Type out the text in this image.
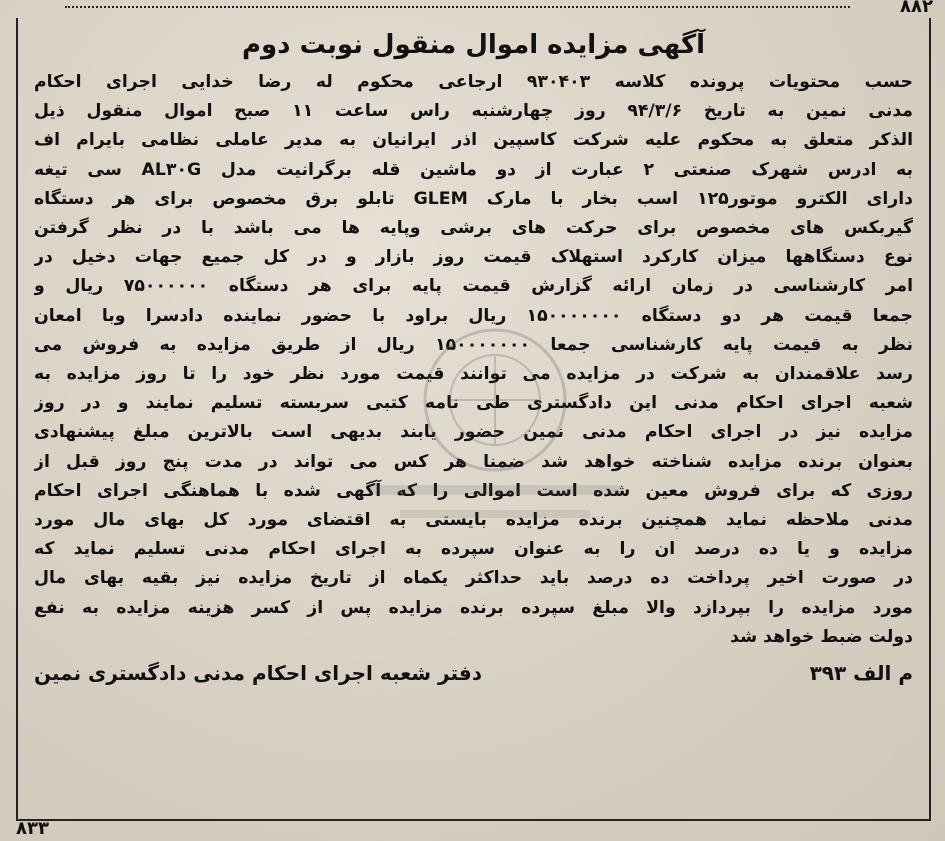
۸۸۲
آگهی مزایده اموال منقول نوبت دوم
حسب محتویات پرونده کلاسه ۹۳۰۴۰۳ ارجاعی محکوم له رضا خدایی اجرای احکام
مدنی نمین به تاریخ ۹۴/۳/۶ روز چهارشنبه راس ساعت ۱۱ صبح اموال منقول ذیل
الذکر متعلق به محکوم علیه شرکت کاسپین اذر ایرانیان به مدیر عاملی نظامی بایرام اف
به ادرس شهرک صنعتی ۲ عبارت از دو ماشین قله برگرانیت مدل AL۳۰G سی تیغه
دارای الکترو موتور۱۲۵ اسب بخار با مارک GLEM تابلو برق مخصوص برای هر دستگاه
گیربکس های مخصوص برای حرکت های برشی وپایه ها می باشد با در نظر گرفتن
نوع دستگاهها میزان کارکرد استهلاک قیمت روز بازار و در کل جمیع جهات دخیل در
امر کارشناسی در زمان ارائه گزارش قیمت پایه برای هر دستگاه ۷۵۰۰۰۰۰۰ ریال و
جمعا قیمت هر دو دستگاه ۱۵۰۰۰۰۰۰۰ ریال براود با حضور نماینده دادسرا وبا امعان
نظر به قیمت پایه کارشناسی جمعا ۱۵۰۰۰۰۰۰۰ ریال از طریق مزایده به فروش می
رسد علاقمندان به شرکت در مزایده می توانند قیمت مورد نظر خود را تا روز مزایده به
شعبه اجرای احکام مدنی این دادگستری طی نامه کتبی سربسته تسلیم نمایند و در روز
مزایده نیز در اجرای احکام مدنی نمین حضور یابند بدیهی است بالاترین مبلغ پیشنهادی
بعنوان برنده مزایده شناخته خواهد شد ضمنا هر کس می تواند در مدت پنج روز قبل از
روزی که برای فروش معین شده است اموالی را که آگهی شده با هماهنگی اجرای احکام
مدنی ملاحظه نماید همچنین برنده مزایده بایستی به اقتضای مورد کل بهای مال مورد
مزایده و یا ده درصد ان را به عنوان سپرده به اجرای احکام مدنی تسلیم نماید که
در صورت اخیر پرداخت ده درصد باید حداکثر یکماه از تاریخ مزایده نیز بقیه بهای مال
مورد مزایده را بپردازد والا مبلغ سپرده برنده مزایده پس از کسر هزینه مزایده به نفع
دولت ضبط خواهد شد
م الف ۳۹۳
دفتر شعبه اجرای احکام مدنی دادگستری نمین
۸۳۳
